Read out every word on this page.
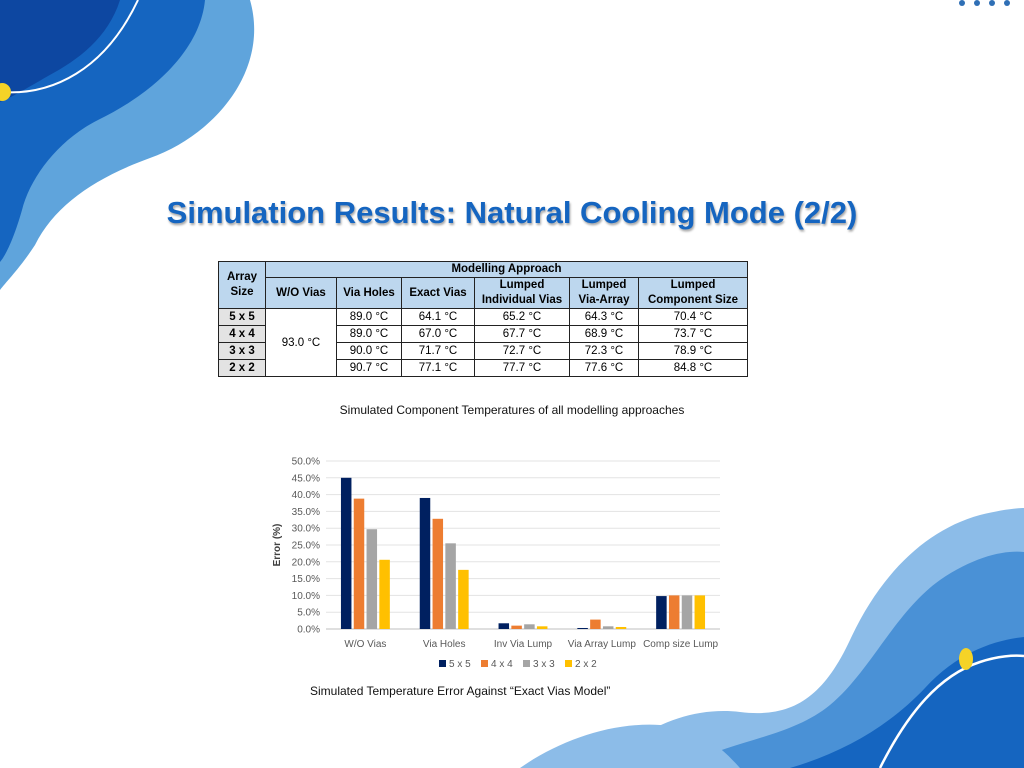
Simulation Results: Natural Cooling Mode (2/2)
Array Size	Modelling Approach					
	W/O Vias	Via Holes	Exact Vias	Lumped Individual Vias	Lumped Via-Array	Lumped Component Size
5 x 5	93.0 °C	89.0 °C	64.1 °C	65.2 °C	64.3 °C	70.4 °C
4 x 4		89.0 °C	67.0 °C	67.7 °C	68.9 °C	73.7 °C
3 x 3		90.0 °C	71.7 °C	72.7 °C	72.3 °C	78.9 °C
2 x 2		90.7 °C	77.1 °C	77.7 °C	77.6 °C	84.8 °C
Simulated Component Temperatures of all modelling approaches
0.0%
5.0%
10.0%
15.0%
20.0%
25.0%
30.0%
35.0%
40.0%
45.0%
50.0%
Error (%)
W/O Vias	Via Holes	Inv Via Lump Via Array Lump Comp size Lump
5 x 5 4 x 4 3 x 3 2 x 2
Simulated Temperature Error Against “Exact Vias Model”
